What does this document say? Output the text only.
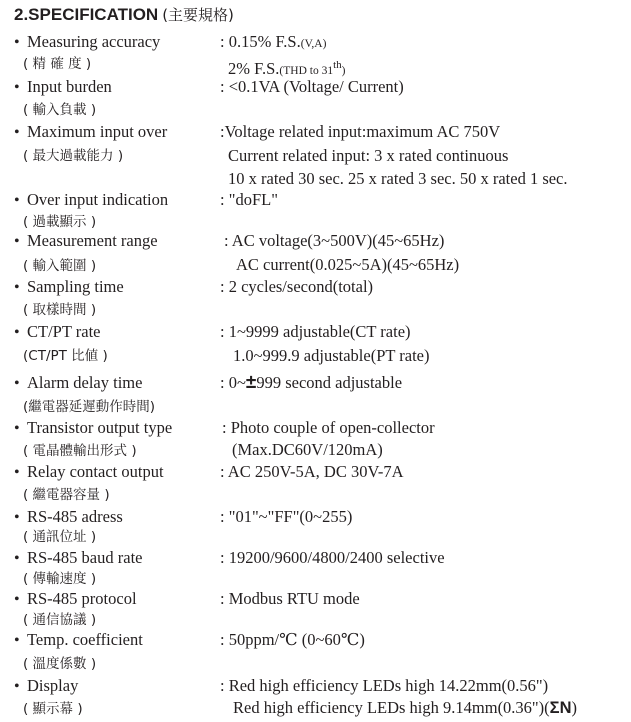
2.SPECIFICATION (主要規格)
• Measuring accuracy	: 0.15% F.S.(V,A)
( 精 確 度 )	2% F.S.(THD to 31th)
• Input burden	: <0.1VA (Voltage/ Current)
( 輸入負載 )
• Maximum input over	:Voltage related input:maximum AC 750V
( 最大過載能力 )	Current related input: 3 x rated continuous
10 x rated 30 sec. 25 x rated 3 sec. 50 x rated 1 sec.
• Over input indication	: "doFL"
( 過載顯示 )
• Measurement range	: AC voltage(3~500V)(45~65Hz)
( 輸入範圍 )	AC current(0.025~5A)(45~65Hz)
• Sampling time	: 2 cycles/second(total)
( 取樣時間 )
• CT/PT rate	: 1~9999 adjustable(CT rate)
(CT/PT 比値 )	1.0~999.9 adjustable(PT rate)
• Alarm delay time	: 0~±999 second adjustable
(繼電器延遲動作時間)
• Transistor output type	: Photo couple of open-collector
( 電晶體輸出形式 )	(Max.DC60V/120mA)
• Relay contact output	: AC 250V-5A, DC 30V-7A
( 繼電器容量 )
• RS-485 adress	: "01"~"FF"(0~255)
( 通訊位址 )
• RS-485 baud rate	: 19200/9600/4800/2400 selective
( 傳輸速度 )
• RS-485 protocol	: Modbus RTU mode
( 通信協議 )
• Temp. coefficient	: 50ppm/℃ (0~60℃)
( 溫度係數 )
• Display	: Red high efficiency LEDs high 14.22mm(0.56")
( 顯示幕 )	Red high efficiency LEDs high 9.14mm(0.36")(ΣN)
